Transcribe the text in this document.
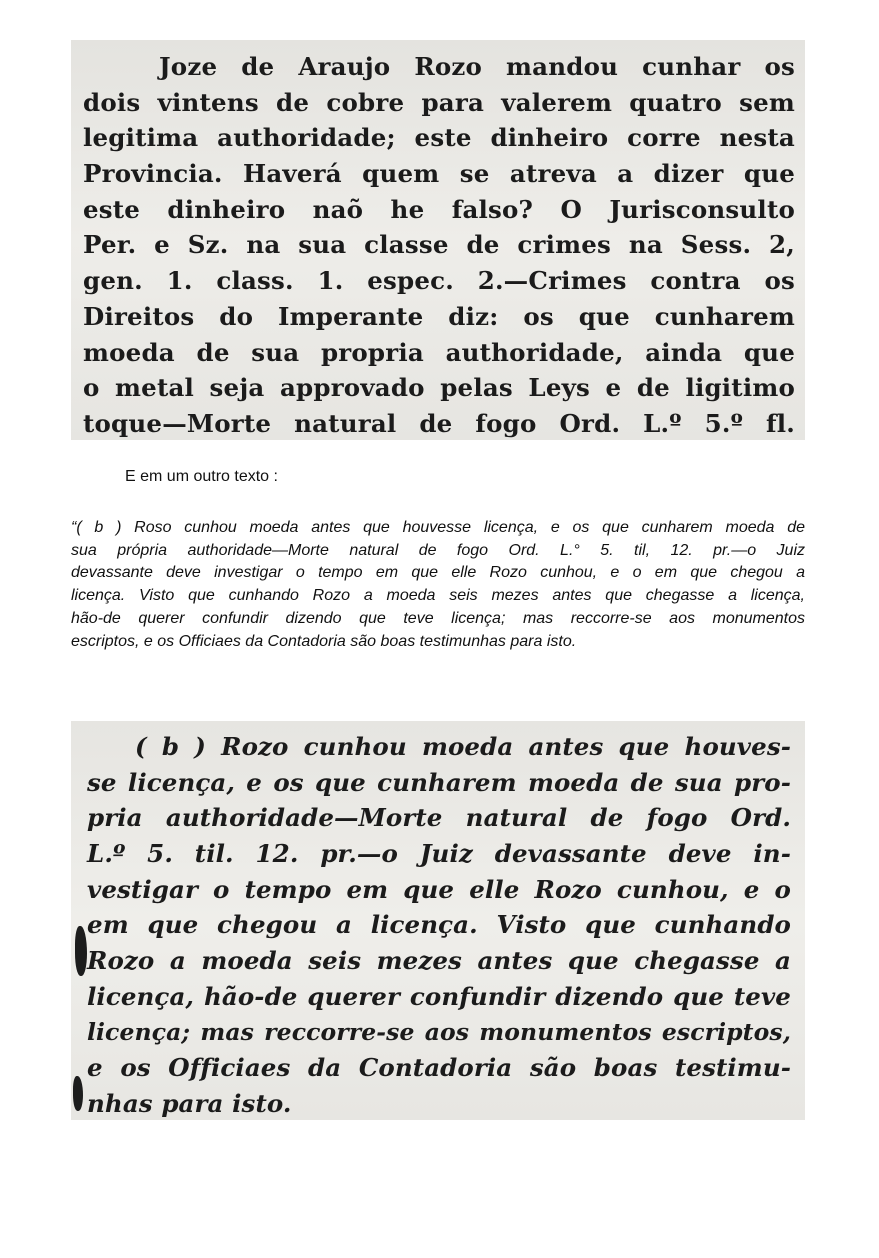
Joze de Araujo Rozo mandou cunhar os
dois vintens de cobre para valerem quatro sem
legitima authoridade; este dinheiro corre nesta
Provincia. Haverá quem se atreva a dizer que
este dinheiro naõ he falso? O Jurisconsulto
Per. e Sz. na sua classe de crimes na Sess. 2,
gen. 1. class. 1. espec. 2.—Crimes contra os
Direitos do Imperante diz: os que cunharem
moeda de sua propria authoridade, ainda que
o metal seja approvado pelas Leys e de ligitimo
toque—Morte natural de fogo Ord. L.º 5.º fl.
E em um outro texto :
“( b ) Roso cunhou moeda antes que houvesse licença, e os que cunharem moeda de
sua própria authoridade—Morte natural de fogo Ord. L.° 5. til, 12. pr.—o Juiz
devassante deve investigar o tempo em que elle Rozo cunhou, e o em que chegou a
licença. Visto que cunhando Rozo a moeda seis mezes antes que chegasse a licença,
hão-de querer confundir dizendo que teve licença; mas reccorre-se aos monumentos
escriptos, e os Officiaes da Contadoria são boas testimunhas para isto.
( b ) Rozo cunhou moeda antes que houves-
se licença, e os que cunharem moeda de sua pro-
pria authoridade—Morte natural de fogo Ord.
L.º 5. til. 12. pr.—o Juiz devassante deve in-
vestigar o tempo em que elle Rozo cunhou, e o
em que chegou a licença. Visto que cunhando
Rozo a moeda seis mezes antes que chegasse a
licença, hão-de querer confundir dizendo que teve
licença; mas reccorre-se aos monumentos escriptos,
e os Officiaes da Contadoria são boas testimu-
nhas para isto.
